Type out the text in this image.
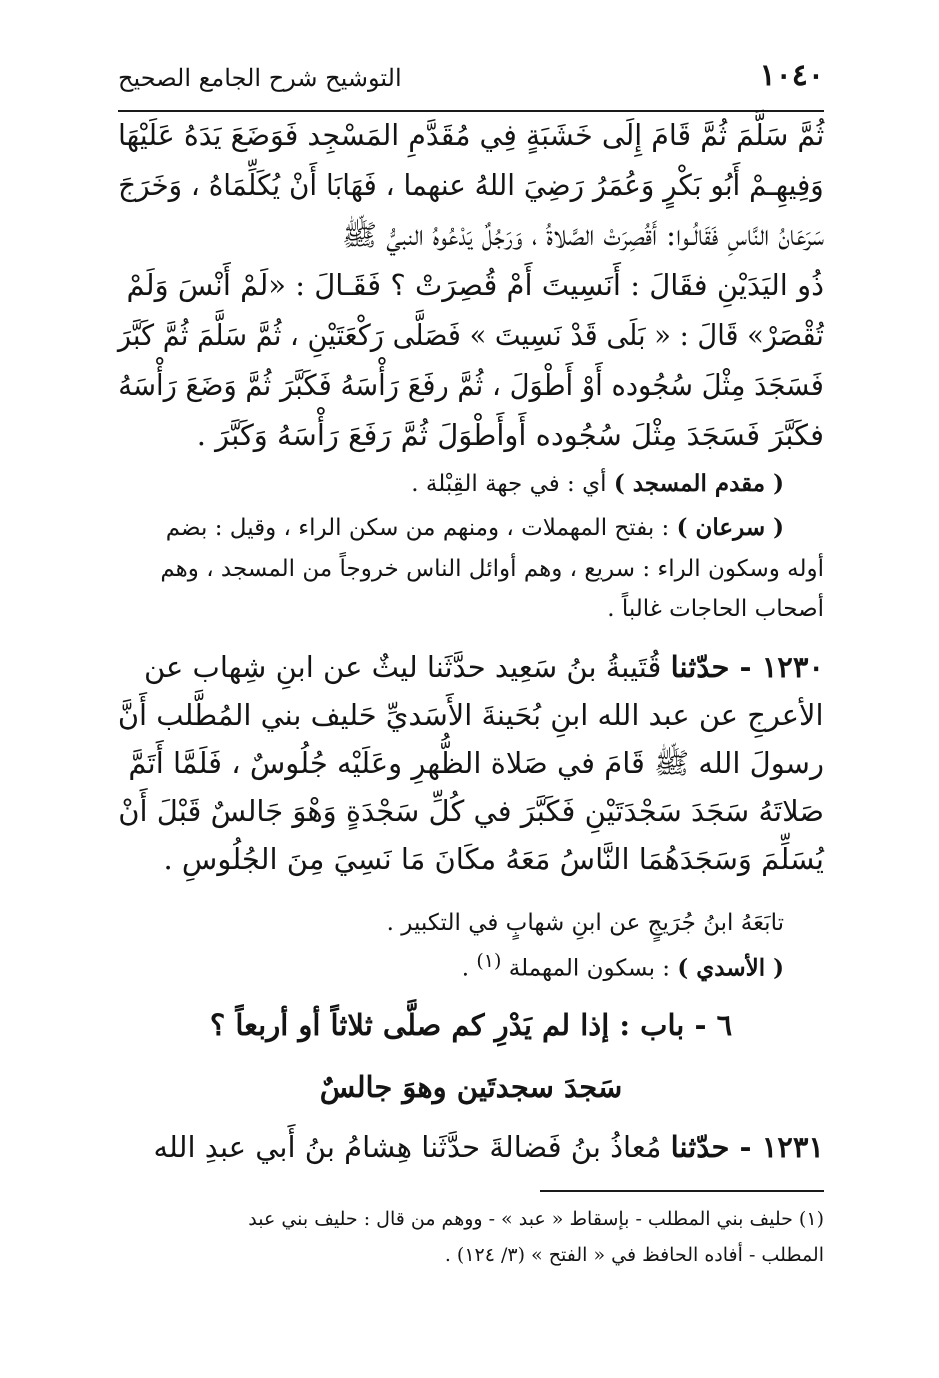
١٠٤٠
التوشيح شرح الجامع الصحيح
ثُمَّ سَلَّمَ ثُمَّ قَامَ إِلَى خَشَبَةٍ فِي مُقَدَّمِ المَسْجِد فَوَضَعَ يَدَهُ عَلَيْهَا
وَفِيهِـمْ أَبُو بَكْرٍ وَعُمَرُ رَضِيَ اللهُ عنهما ، فَهَابَا أَنْ يُكَلِّمَاهُ ، وَخَرَجَ
سَرَعَانُ النَّاسِ فَقَالُـوا: أَقُصِرَتْ الصَّلاةُ ، وَرَجُلٌ يَدْعُوهُ النبيُّ ﷺ
ذُو اليَدَيْنِ فقَالَ : أَنَسِيتَ أَمْ قُصِرَتْ ؟ فَقَـالَ : «لَمْ أَنْسَ وَلَمْ
تُقْصَرْ» قَالَ : « بَلَى قَدْ نَسِيتَ » فَصَلَّى رَكْعَتَيْنِ ، ثُمَّ سَلَّمَ ثُمَّ كَبَّرَ
فَسَجَدَ مِثْلَ سُجُوده أَوْ أَطْوَلَ ، ثُمَّ رفَعَ رَأْسَهُ فَكَبَّرَ ثُمَّ وَضَعَ رَأْسَهُ
فكَبَّرَ فَسَجَدَ مِثْلَ سُجُوده أَوأَطْوَلَ ثُمَّ رَفَعَ رَأْسَهُ وَكَبَّرَ .
( مقدم المسجد ) أي : في جهة القِبْلة .
( سرعان ) : بفتح المهملات ، ومنهم من سكن الراء ، وقيل : بضم
أوله وسكون الراء : سريع ، وهم أوائل الناس خروجاً من المسجد ، وهم
أصحاب الحاجات غالباً .
١٢٣٠ - حدّثنا قُتَيبةُ بنُ سَعِيد حدَّثَنا ليثٌ عن ابنِ شِهاب عن
الأعرجِ عن عبد الله ابنِ بُحَينةَ الأَسَديِّ حَليف بني المُطَّلب أَنَّ
رسولَ الله ﷺ قَامَ في صَلاة الظُّهرِ وعَلَيْه جُلُوسٌ ، فَلَمَّا أَتَمَّ
صَلاتَهُ سَجَدَ سَجْدَتَيْنِ فَكَبَّرَ في كُلِّ سَجْدَةٍ وَهْوَ جَالسٌ قَبْلَ أَنْ
يُسَلِّمَ وَسَجَدَهُمَا النَّاسُ مَعَهُ مكَانَ مَا نَسِيَ مِنَ الجُلُوسِ .
تابَعَهُ ابنُ جُرَيجٍ عن ابنِ شهابٍ في التكبير .
( الأسدي ) : بسكون المهملة $^{(١)}$ .
٦ - باب : إذا لم يَدْرِ كم صلَّى ثلاثاً أو أربعاً ؟
سَجدَ سجدتَين وهوَ جالسٌ
١٢٣١ - حدّثنا مُعاذُ بنُ فَضالةَ حدَّثَنا هِشامُ بنُ أَبي عبدِ الله
(١) حليف بني المطلب - بإسقاط « عبد » - ووهم من قال : حليف بني عبد
المطلب - أفاده الحافظ في « الفتح » (٣/ ١٢٤) .
